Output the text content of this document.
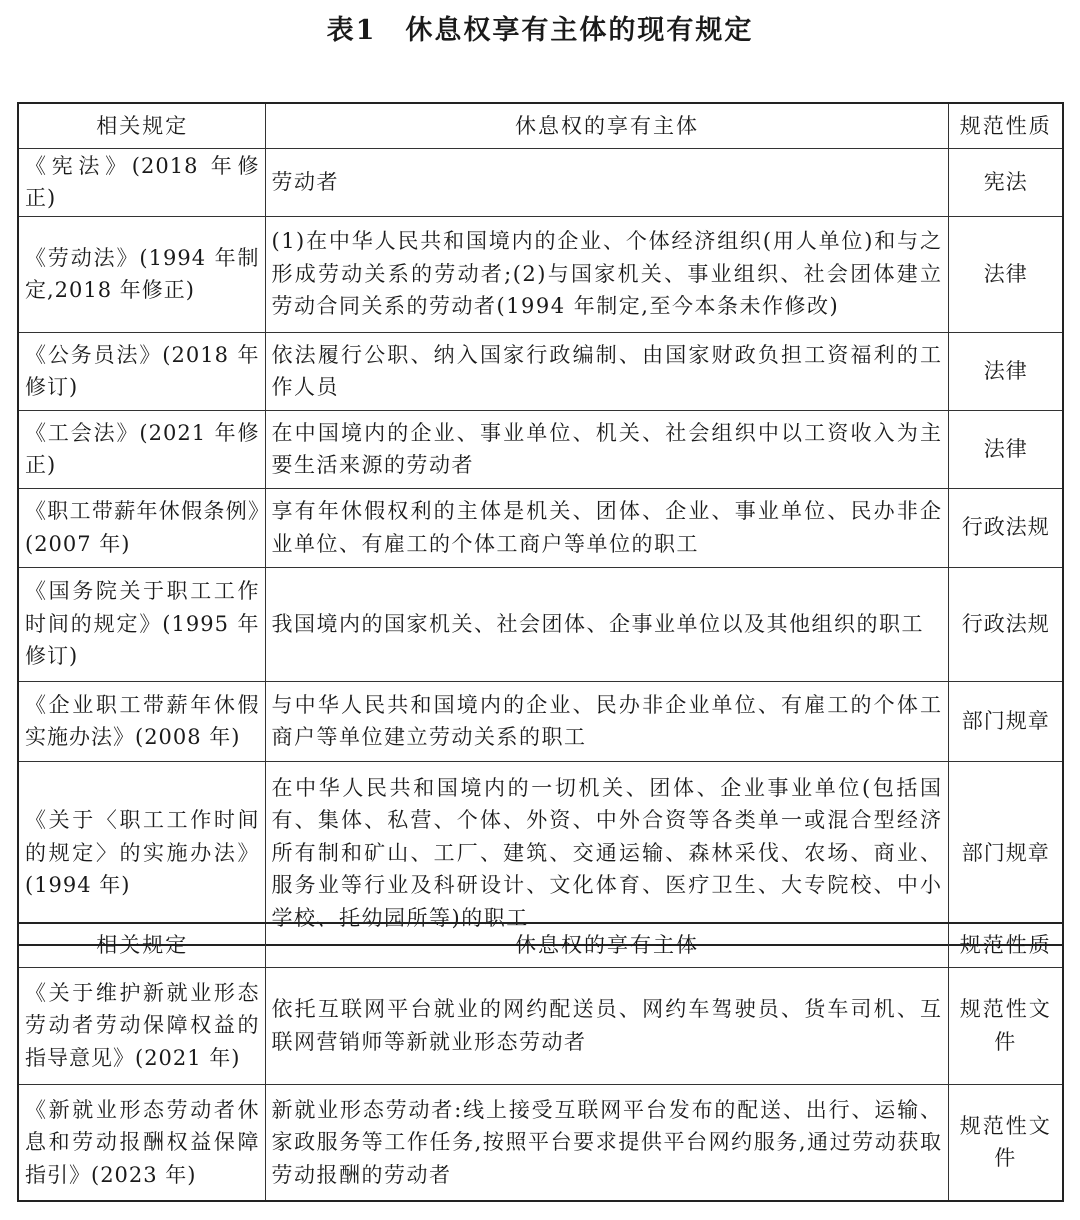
表1　休息权享有主体的现有规定
相关规定	休息权的享有主体	规范性质
《宪法》(2018 年修正)	劳动者	宪法
《劳动法》(1994 年制定,2018 年修正)	(1)在中华人民共和国境内的企业、个体经济组织(用人单位)和与之形成劳动关系的劳动者;(2)与国家机关、事业组织、社会团体建立劳动合同关系的劳动者(1994 年制定,至今本条未作修改)	法律
《公务员法》(2018 年修订)	依法履行公职、纳入国家行政编制、由国家财政负担工资福利的工作人员	法律
《工会法》(2021 年修正)	在中国境内的企业、事业单位、机关、社会组织中以工资收入为主要生活来源的劳动者	法律
《职工带薪年休假条例》(2007 年)	享有年休假权利的主体是机关、团体、企业、事业单位、民办非企业单位、有雇工的个体工商户等单位的职工	行政法规
《国务院关于职工工作时间的规定》(1995 年修订)	我国境内的国家机关、社会团体、企事业单位以及其他组织的职工	行政法规
《企业职工带薪年休假实施办法》(2008 年)	与中华人民共和国境内的企业、民办非企业单位、有雇工的个体工商户等单位建立劳动关系的职工	部门规章
《关于〈职工工作时间的规定〉的实施办法》(1994 年)	在中华人民共和国境内的一切机关、团体、企业事业单位(包括国有、集体、私营、个体、外资、中外合资等各类单一或混合型经济所有制和矿山、工厂、建筑、交通运输、森林采伐、农场、商业、服务业等行业及科研设计、文化体育、医疗卫生、大专院校、中小学校、托幼园所等)的职工	部门规章
相关规定	休息权的享有主体	规范性质
《关于维护新就业形态劳动者劳动保障权益的指导意见》(2021 年)	依托互联网平台就业的网约配送员、网约车驾驶员、货车司机、互联网营销师等新就业形态劳动者	规范性文件
《新就业形态劳动者休息和劳动报酬权益保障指引》(2023 年)	新就业形态劳动者:线上接受互联网平台发布的配送、出行、运输、家政服务等工作任务,按照平台要求提供平台网约服务,通过劳动获取劳动报酬的劳动者	规范性文件
